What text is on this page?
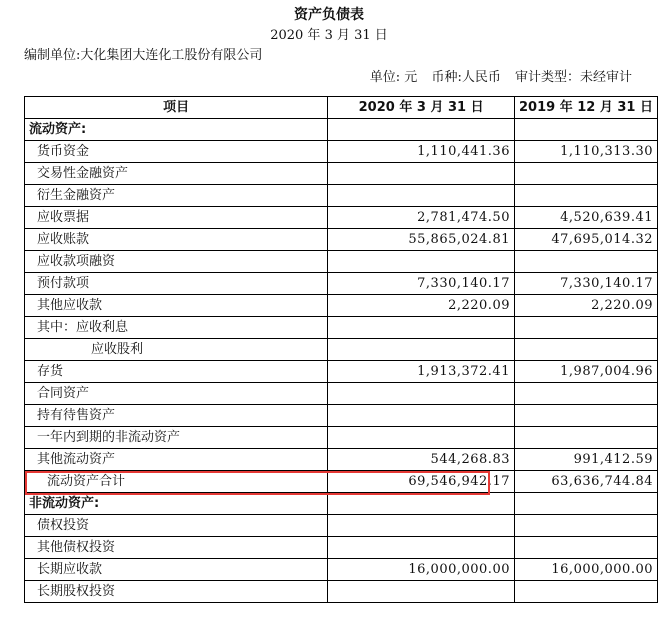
资产负债表
2020 年 3 月 31 日
编制单位:大化集团大连化工股份有限公司
单位: 元 币种:人民币 审计类型：未经审计
项目	2020 年 3 月 31 日	2019 年 12 月 31 日
流动资产:		
货币资金	1,110,441.36	1,110,313.30
交易性金融资产		
衍生金融资产		
应收票据	2,781,474.50	4,520,639.41
应收账款	55,865,024.81	47,695,014.32
应收款项融资		
预付款项	7,330,140.17	7,330,140.17
其他应收款	2,220.09	2,220.09
其中：应收利息		
应收股利		
存货	1,913,372.41	1,987,004.96
合同资产		
持有待售资产		
一年内到期的非流动资产		
其他流动资产	544,268.83	991,412.59
流动资产合计	69,546,942.17	63,636,744.84
非流动资产:		
债权投资		
其他债权投资		
长期应收款	16,000,000.00	16,000,000.00
长期股权投资		
